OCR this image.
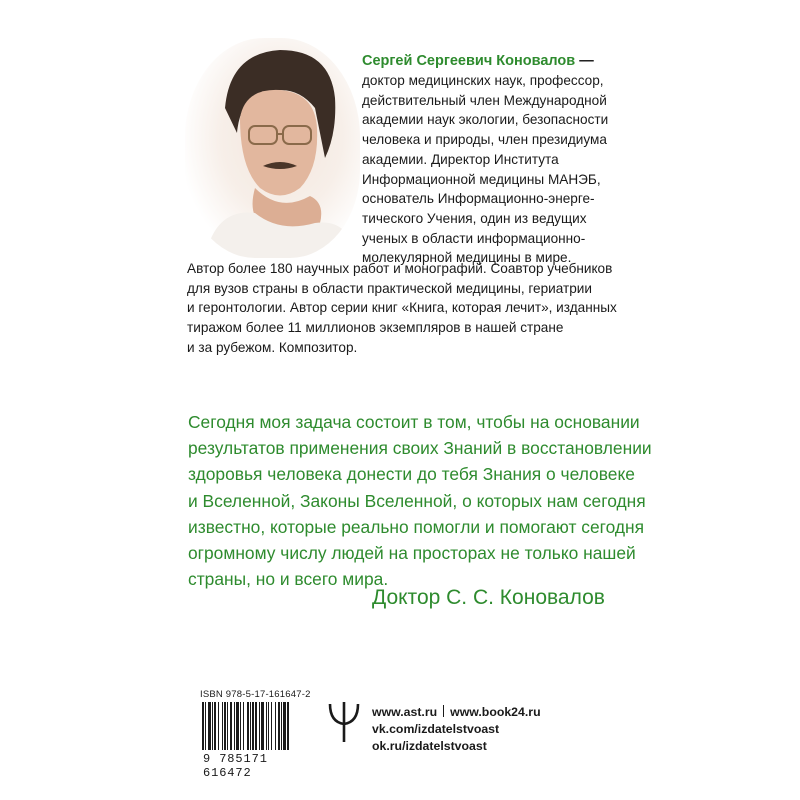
Сергей Сергеевич Коновалов —
доктор медицинских наук, профессор,
действительный член Международной
академии наук экологии, безопасности
человека и природы, член президиума
академии. Директор Института
Информационной медицины МАНЭБ,
основатель Информационно-энерге-
тического Учения, один из ведущих
ученых в области информационно-
молекулярной медицины в мире.
Автор более 180 научных работ и монографий. Соавтор учебников
для вузов страны в области практической медицины, гериатрии
и геронтологии. Автор серии книг «Книга, которая лечит», изданных
тиражом более 11 миллионов экземпляров в нашей стране
и за рубежом. Композитор.
Сегодня моя задача состоит в том, чтобы на основании
результатов применения своих Знаний в восстановлении
здоровья человека донести до тебя Знания о человеке
и Вселенной, Законы Вселенной, о которых нам сегодня
известно, которые реально помогли и помогают сегодня
огромному числу людей на просторах не только нашей
страны, но и всего мира.
Доктор С. С. Коновалов
ISBN 978-5-17-161647-2
9 785171 616472
www.ast.ru www.book24.ru
vk.com/izdatelstvoast
ok.ru/izdatelstvoast
